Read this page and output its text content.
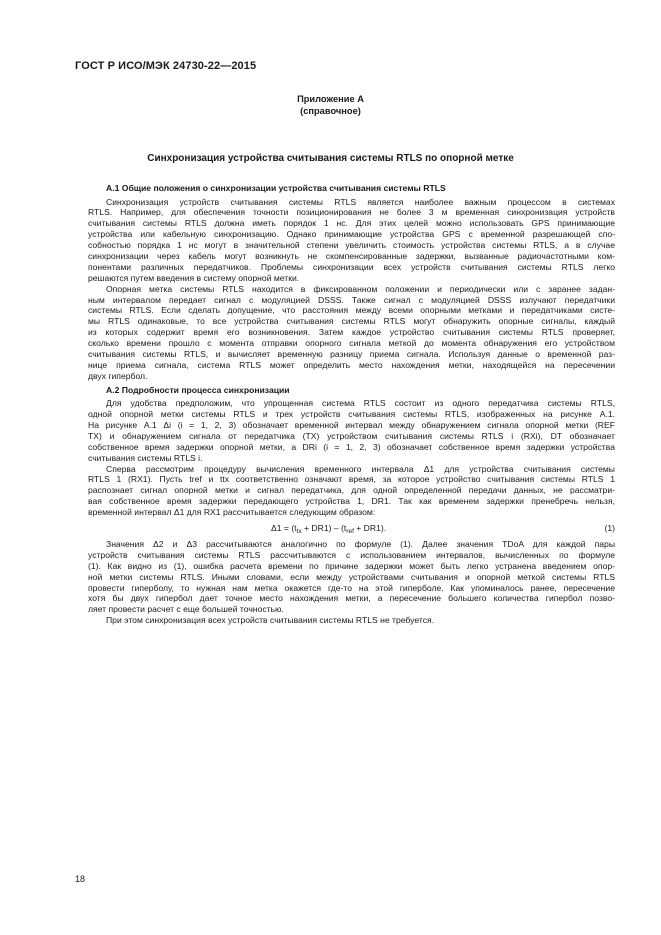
ГОСТ Р ИСО/МЭК 24730-22—2015
Приложение А
(справочное)
Синхронизация устройства считывания системы RTLS по опорной метке
А.1 Общие положения о синхронизации устройства считывания системы RTLS
Синхронизация устройств считывания системы RTLS является наиболее важным процессом в системах
RTLS. Например, для обеспечения точности позиционирования не более 3 м временная синхронизация устройств
считывания системы RTLS должна иметь порядок 1 нс. Для этих целей можно использовать GPS принимающие
устройства или кабельную синхронизацию. Однако принимающие устройства GPS с временной разрешающей спо-
собностью порядка 1 нс могут в значительной степени увеличить стоимость устройства системы RTLS, а в случае
синхронизации через кабель могут возникнуть не скомпенсированные задержки, вызванные радиочастотными ком-
понентами различных передатчиков. Проблемы синхронизации всех устройств считывания системы RTLS легко
решаются путем введения в систему опорной метки.
Опорная метка системы RTLS находится в фиксированном положении и периодически или с заранее задан-
ным интервалом передает сигнал с модуляцией DSSS. Также сигнал с модуляцией DSSS излучают передатчики
системы RTLS. Если сделать допущение, что расстояния между всеми опорными метками и передатчиками систе-
мы RTLS одинаковые, то все устройства считывания системы RTLS могут обнаружить опорные сигналы, каждый
из которых содержит время его возникновения. Затем каждое устройство считывания системы RTLS проверяет,
сколько времени прошло с момента отправки опорного сигнала меткой до момента обнаружения его устройством
считывания системы RTLS, и вычисляет временную разницу приема сигнала. Используя данные о временной раз-
нице приема сигнала, система RTLS может определить место нахождения метки, находящейся на пересечении
двух гипербол.
А.2 Подробности процесса синхронизации
Для удобства предположим, что упрощенная система RTLS состоит из одного передатчика системы RTLS,
одной опорной метки системы RTLS и трех устройств считывания системы RTLS, изображенных на рисунке А.1.
На рисунке А.1 Δi (i = 1, 2, 3) обозначает временной интервал между обнаружением сигнала опорной метки (REF
TX) и обнаружением сигнала от передатчика (TX) устройством считывания системы RTLS i (RXi), DT обозначает
собственное время задержки опорной метки, а DRi (i = 1, 2, 3) обозначает собственное время задержки устройства
считывания системы RTLS i.
Сперва рассмотрим процедуру вычисления временного интервала Δ1 для устройства считывания системы
RTLS 1 (RX1). Пусть tref и ttx соответственно означают время, за которое устройство считывания системы RTLS 1
распознает сигнал опорной метки и сигнал передатчика, для одной определенной передачи данных, не рассматри-
вая собственное время задержки передающего устройства 1, DR1. Так как временем задержки пренебречь нельзя,
временной интервал Δ1 для RX1 рассчитывается следующим образом:
$\Delta 1 = (t_{tx} + DR1) - (t_{ref} + DR1)$.	(1)
Значения Δ2 и Δ3 рассчитываются аналогично по формуле (1). Далее значения TDoA для каждой пары
устройств считывания системы RTLS рассчитываются с использованием интервалов, вычисленных по формуле
(1). Как видно из (1), ошибка расчета времени по причине задержки может быть легко устранена введением опор-
ной метки системы RTLS. Иными словами, если между устройствами считывания и опорной меткой системы RTLS
провести гиперболу, то нужная нам метка окажется где-то на этой гиперболе. Как упоминалось ранее, пересечение
хотя бы двух гипербол дает точное место нахождения метки, а пересечение большего количества гипербол позво-
ляет провести расчет с еще большей точностью.
При этом синхронизация всех устройств считывания системы RTLS не требуется.
18
